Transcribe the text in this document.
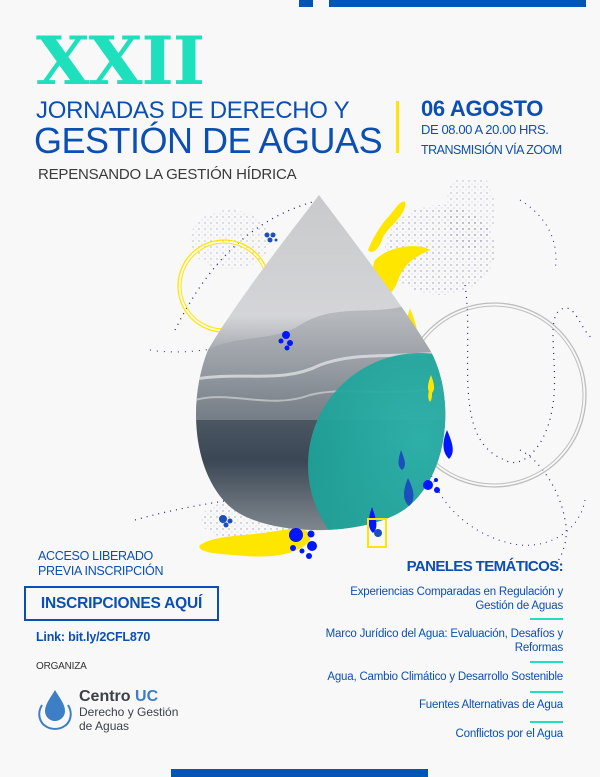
XXII
JORNADAS DE DERECHO Y
GESTIÓN DE AGUAS
REPENSANDO LA GESTIÓN HÍDRICA
06 AGOSTO
DE 08.00 A 20.00 HRS.
TRANSMISIÓN VÍA ZOOM
ACCESO LIBERADO
PREVIA INSCRIPCIÓN
INSCRIPCIONES AQUÍ
Link: bit.ly/2CFL870
ORGANIZA
Centro UC
Derecho y Gestión
de Aguas
PANELES TEMÁTICOS:
Experiencias Comparadas en Regulación y
Gestión de Aguas
Marco Jurídico del Agua: Evaluación, Desafíos y
Reformas
Agua, Cambio Climático y Desarrollo Sostenible
Fuentes Alternativas de Agua
Conflictos por el Agua
